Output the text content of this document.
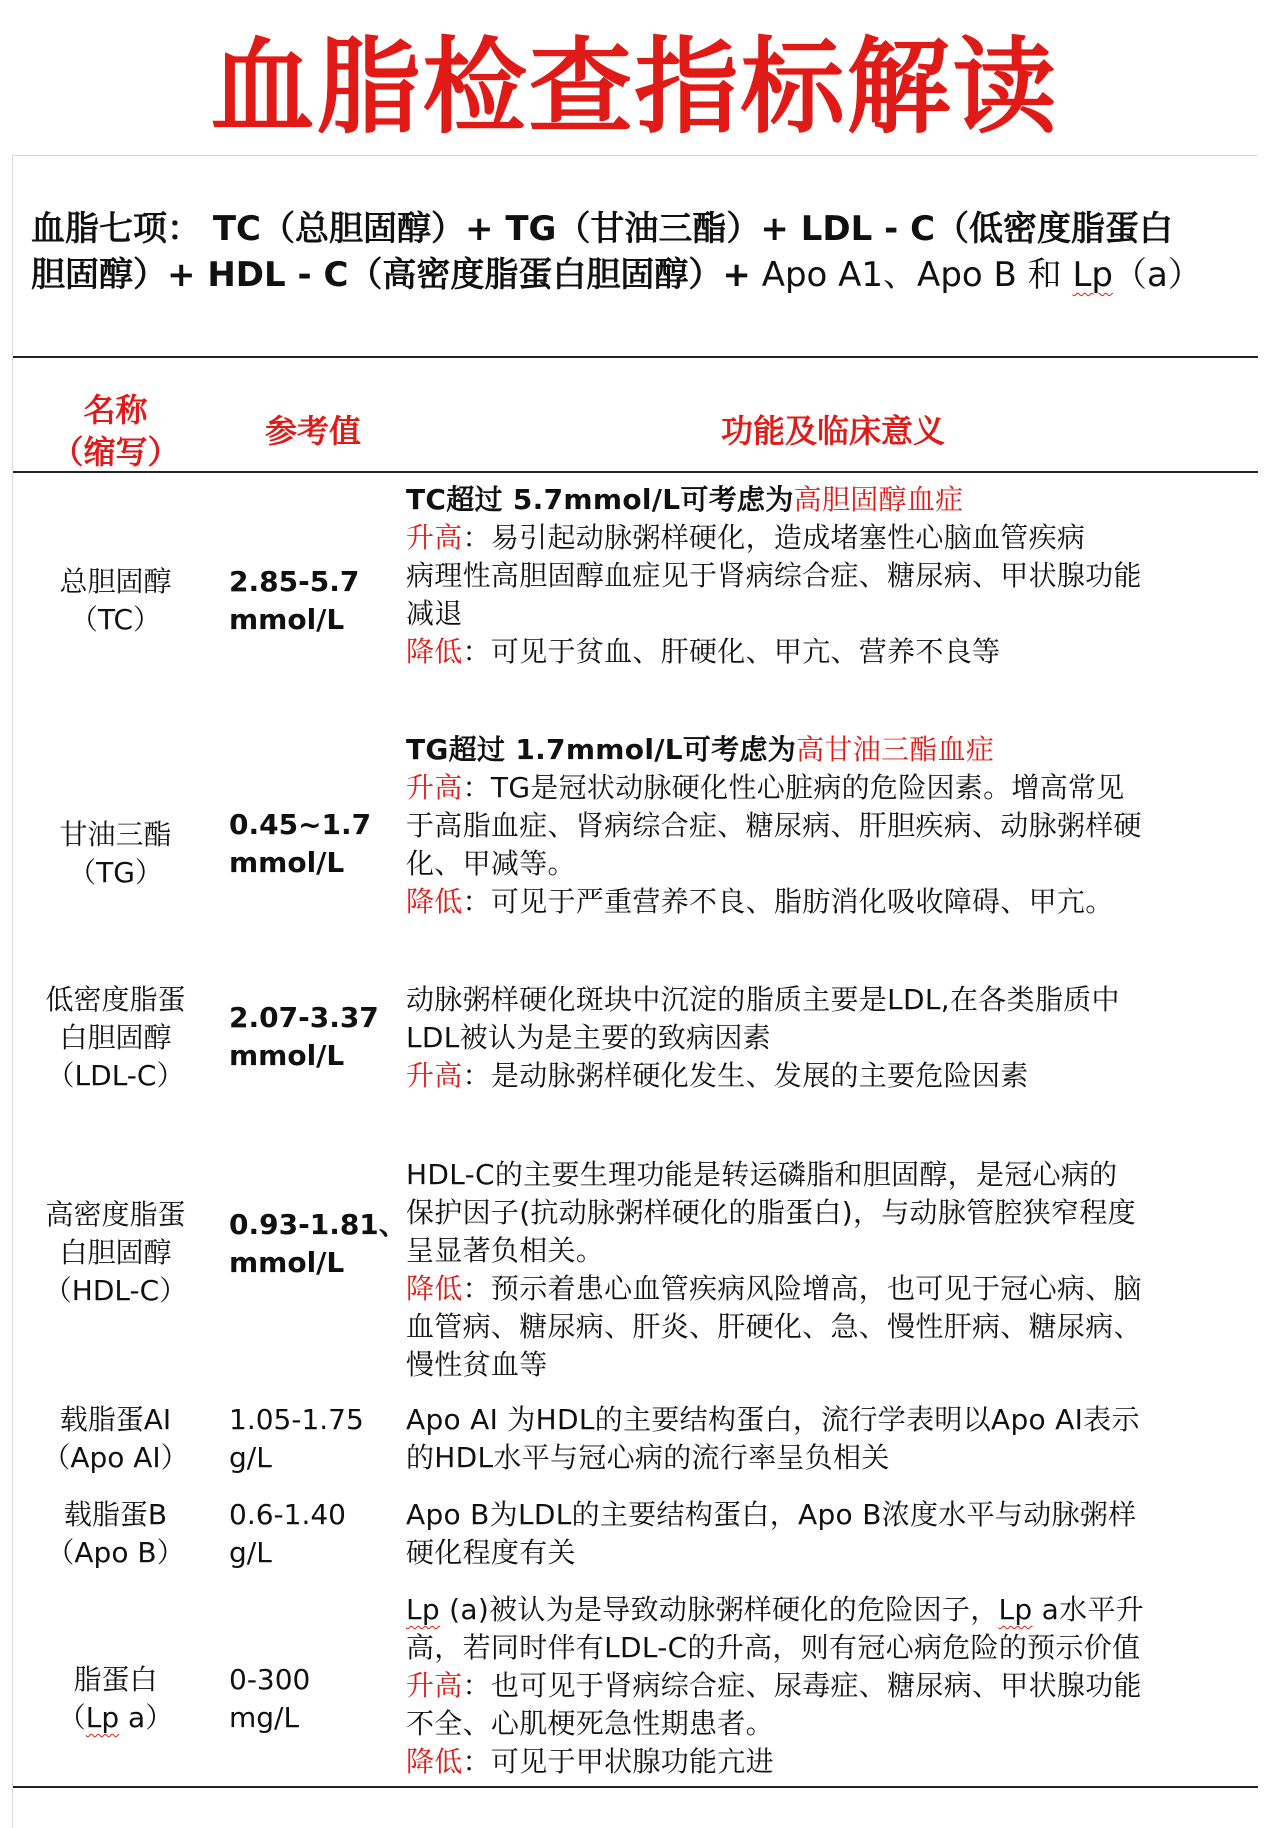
血脂检查指标解读
血脂七项： TC（总胆固醇）+ TG（甘油三酯）+ LDL - C（低密度脂蛋白
胆固醇）+ HDL - C（高密度脂蛋白胆固醇）+ Apo A1、Apo B 和 Lp（a）
名称
（缩写）
参考值	功能及临床意义
总胆固醇
（TC）
2.85-5.7
mmol/L
TC超过 5.7mmol/L可考虑为高胆固醇血症
升高：易引起动脉粥样硬化，造成堵塞性心脑血管疾病
病理性高胆固醇血症见于肾病综合症、糖尿病、甲状腺功能
减退
降低：可见于贫血、肝硬化、甲亢、营养不良等
甘油三酯
（TG）
0.45~1.7
mmol/L
TG超过 1.7mmol/L可考虑为高甘油三酯血症
升高：TG是冠状动脉硬化性心脏病的危险因素。增高常见
于高脂血症、肾病综合症、糖尿病、肝胆疾病、动脉粥样硬
化、甲减等。
降低：可见于严重营养不良、脂肪消化吸收障碍、甲亢。
低密度脂蛋
白胆固醇
（LDL-C）
2.07-3.37
mmol/L
动脉粥样硬化斑块中沉淀的脂质主要是LDL,在各类脂质中
LDL被认为是主要的致病因素
升高：是动脉粥样硬化发生、发展的主要危险因素
高密度脂蛋
白胆固醇
（HDL-C）
0.93-1.81、
mmol/L
HDL-C的主要生理功能是转运磷脂和胆固醇，是冠心病的
保护因子(抗动脉粥样硬化的脂蛋白)，与动脉管腔狭窄程度
呈显著负相关。
降低：预示着患心血管疾病风险增高，也可见于冠心病、脑
血管病、糖尿病、肝炎、肝硬化、急、慢性肝病、糖尿病、
慢性贫血等
载脂蛋AI
（Apo AI）
1.05-1.75
g/L
Apo AI 为HDL的主要结构蛋白，流行学表明以Apo AI表示
的HDL水平与冠心病的流行率呈负相关
载脂蛋B
（Apo B）
0.6-1.40
g/L
Apo B为LDL的主要结构蛋白，Apo B浓度水平与动脉粥样
硬化程度有关
脂蛋白
（Lp a）
0-300
mg/L
Lp (a)被认为是导致动脉粥样硬化的危险因子，Lp a水平升
高，若同时伴有LDL-C的升高，则有冠心病危险的预示价值
升高：也可见于肾病综合症、尿毒症、糖尿病、甲状腺功能
不全、心肌梗死急性期患者。
降低：可见于甲状腺功能亢进
